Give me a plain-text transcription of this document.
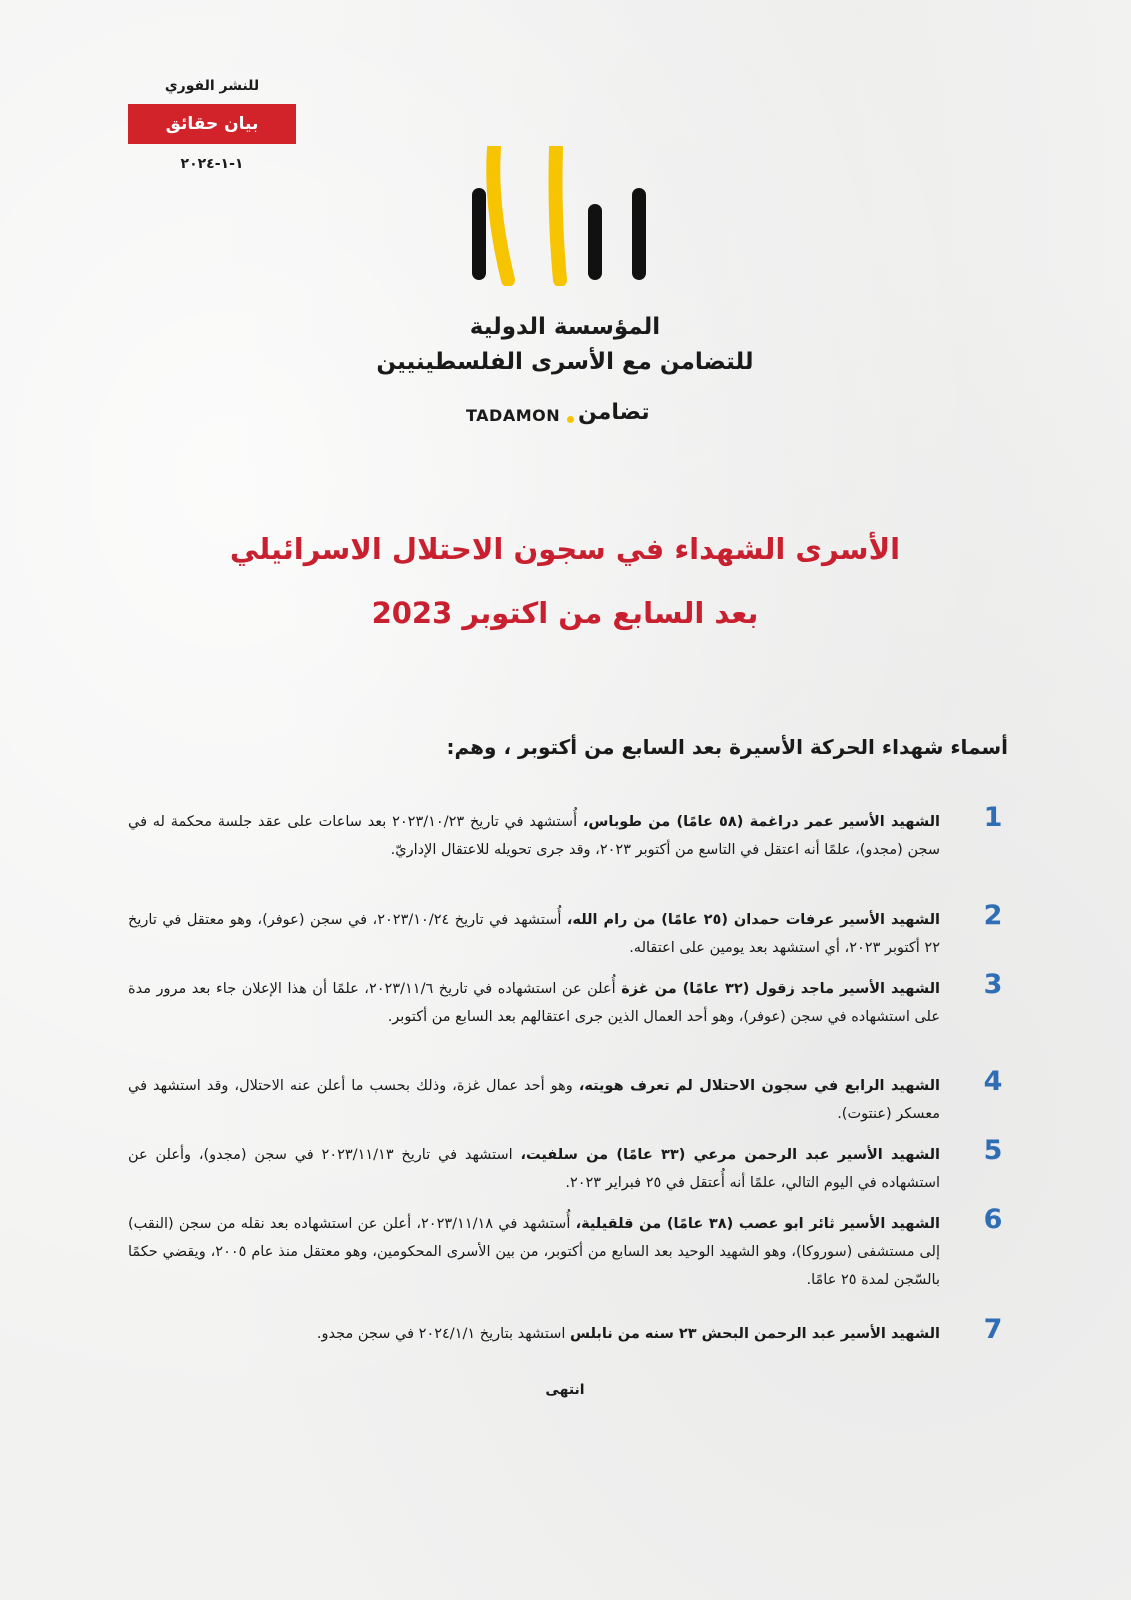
للنشر الفوري
بيان حقائق
١-١-٢٠٢٤
المؤسسة الدولية
للتضامن مع الأسرى الفلسطينيين
TADAMON تضامن
الأسرى الشهداء في سجون الاحتلال الاسرائيلي
بعد السابع من اكتوبر 2023
أسماء شهداء الحركة الأسيرة بعد السابع من أكتوبر ، وهم:
1
الشهيد الأسير عمر دراغمة (٥٨ عامًا) من طوباس، أُستشهد في تاريخ ٢٠٢٣/١٠/٢٣ بعد ساعات على عقد جلسة محكمة له في سجن (مجدو)، علمًا أنه اعتقل في التاسع من أكتوبر ٢٠٢٣، وقد جرى تحويله للاعتقال الإداريّ.
2
الشهيد الأسير عرفات حمدان (٢٥ عامًا) من رام الله، أُستشهد في تاريخ ٢٠٢٣/١٠/٢٤، في سجن (عوفر)، وهو معتقل في تاريخ ٢٢ أكتوبر ٢٠٢٣، أي استشهد بعد يومين على اعتقاله.
3
الشهيد الأسير ماجد زقول (٣٢ عامًا) من غزة أُعلن عن استشهاده في تاريخ ٢٠٢٣/١١/٦، علمًا أن هذا الإعلان جاء بعد مرور مدة على استشهاده في سجن (عوفر)، وهو أحد العمال الذين جرى اعتقالهم بعد السابع من أكتوبر.
4
الشهيد الرابع في سجون الاحتلال لم تعرف هويته، وهو أحد عمال غزة، وذلك بحسب ما أعلن عنه الاحتلال، وقد استشهد في معسكر (عنتوت).
5
الشهيد الأسير عبد الرحمن مرعي (٣٣ عامًا) من سلفيت، استشهد في تاريخ ٢٠٢٣/١١/١٣ في سجن (مجدو)، وأعلن عن استشهاده في اليوم التالي، علمًا أنه أُعتقل في ٢٥ فبراير ٢٠٢٣.
6
الشهيد الأسير ثائر ابو عصب (٣٨ عامًا) من قلقيلية، أُستشهد في ٢٠٢٣/١١/١٨، أعلن عن استشهاده بعد نقله من سجن (النقب) إلى مستشفى (سوروكا)، وهو الشهيد الوحيد بعد السابع من أكتوبر، من بين الأسرى المحكومين، وهو معتقل منذ عام ٢٠٠٥، ويقضي حكمًا بالسّجن لمدة ٢٥ عامًا.
7
الشهيد الأسير عبد الرحمن البحش ٢٣ سنه من نابلس استشهد بتاريخ ٢٠٢٤/١/١ في سجن مجدو.
انتهى
